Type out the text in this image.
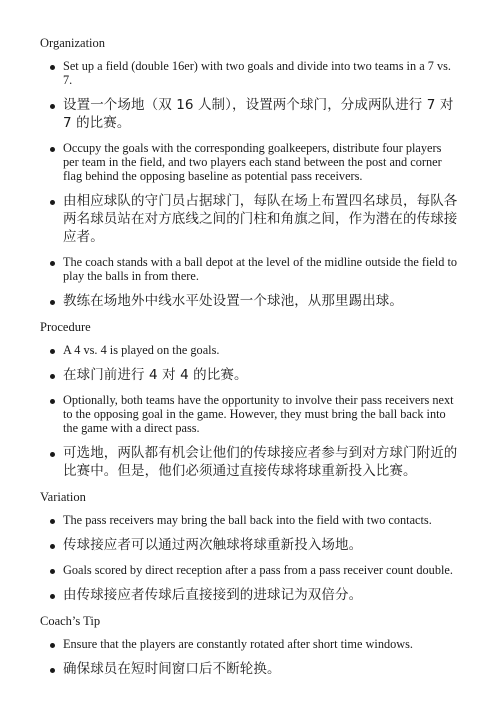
Organization
Set up a field (double 16er) with two goals and divide into two teams in a 7 vs. 7.
设置一个场地（双 16 人制），设置两个球门，分成两队进行 7 对 7 的比赛。
Occupy the goals with the corresponding goalkeepers, distribute four players per team in the field, and two players each stand between the post and corner flag behind the opposing baseline as potential pass receivers.
由相应球队的守门员占据球门，每队在场上布置四名球员，每队各两名球员站在对方底线之间的门柱和角旗之间，作为潜在的传球接应者。
The coach stands with a ball depot at the level of the midline outside the field to play the balls in from there.
教练在场地外中线水平处设置一个球池，从那里踢出球。
Procedure
A 4 vs. 4 is played on the goals.
在球门前进行 4 对 4 的比赛。
Optionally, both teams have the opportunity to involve their pass receivers next to the opposing goal in the game. However, they must bring the ball back into the game with a direct pass.
可选地，两队都有机会让他们的传球接应者参与到对方球门附近的比赛中。但是，他们必须通过直接传球将球重新投入比赛。
Variation
The pass receivers may bring the ball back into the field with two contacts.
传球接应者可以通过两次触球将球重新投入场地。
Goals scored by direct reception after a pass from a pass receiver count double.
由传球接应者传球后直接接到的进球记为双倍分。
Coach’s Tip
Ensure that the players are constantly rotated after short time windows.
确保球员在短时间窗口后不断轮换。
